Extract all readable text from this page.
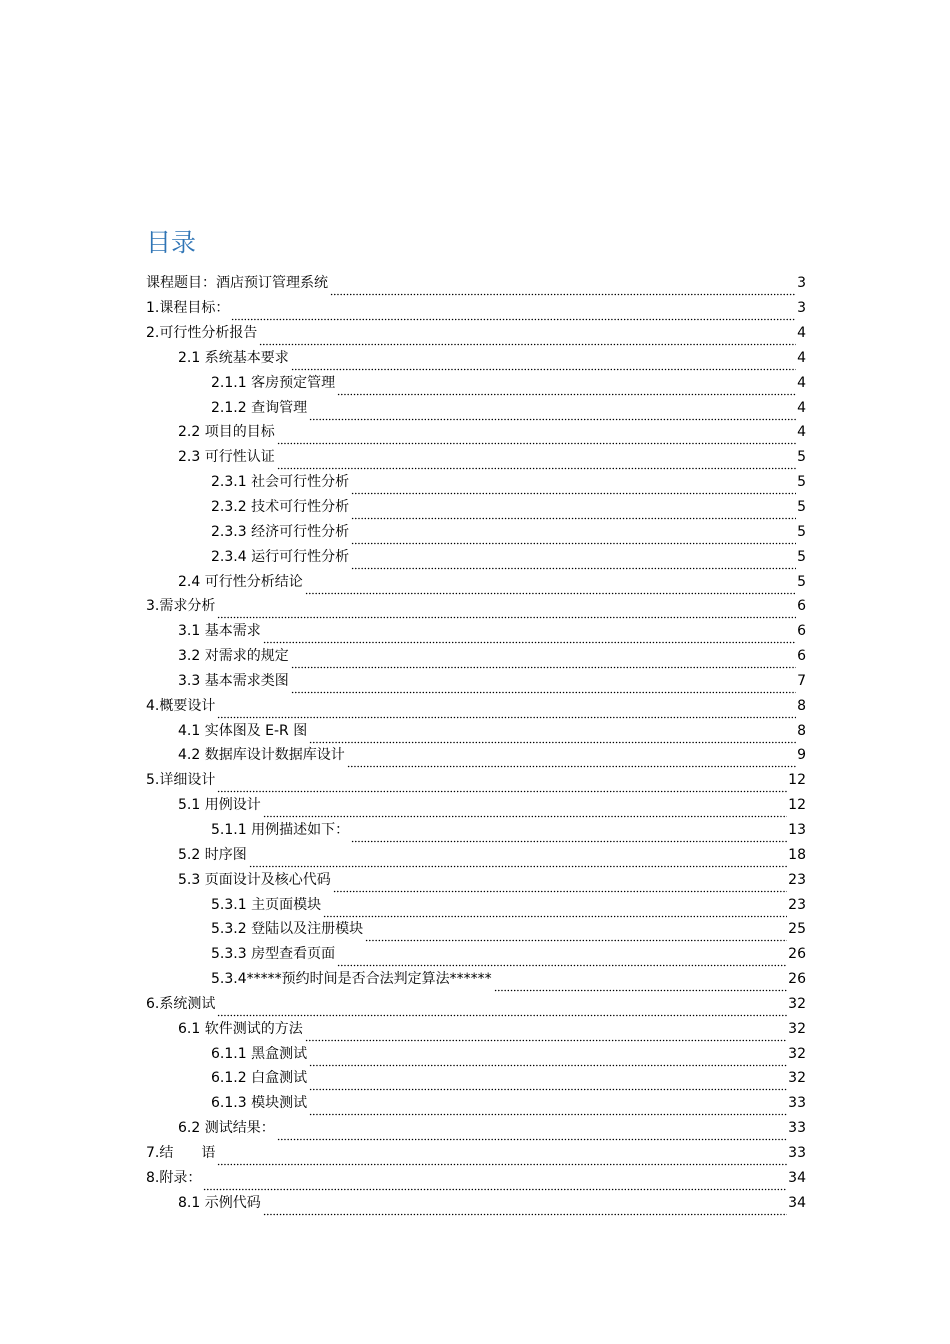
目录
课程题目：酒店预订管理系统	3
1.课程目标：	3
2.可行性分析报告	4
2.1 系统基本要求	4
2.1.1 客房预定管理	4
2.1.2 查询管理	4
2.2 项目的目标	4
2.3 可行性认证	5
2.3.1 社会可行性分析	5
2.3.2 技术可行性分析	5
2.3.3 经济可行性分析	5
2.3.4 运行可行性分析	5
2.4 可行性分析结论	5
3.需求分析	6
3.1 基本需求	6
3.2 对需求的规定	6
3.3 基本需求类图	7
4.概要设计	8
4.1 实体图及 E-R 图	8
4.2 数据库设计数据库设计	9
5.详细设计	12
5.1 用例设计	12
5.1.1 用例描述如下：	13
5.2 时序图	18
5.3 页面设计及核心代码	23
5.3.1 主页面模块	23
5.3.2 登陆以及注册模块	25
5.3.3 房型查看页面	26
5.3.4*****预约时间是否合法判定算法******	26
6.系统测试	32
6.1 软件测试的方法	32
6.1.1 黑盒测试	32
6.1.2 白盒测试	32
6.1.3 模块测试	33
6.2 测试结果：	33
7.结　　语	33
8.附录：	34
8.1 示例代码	34
